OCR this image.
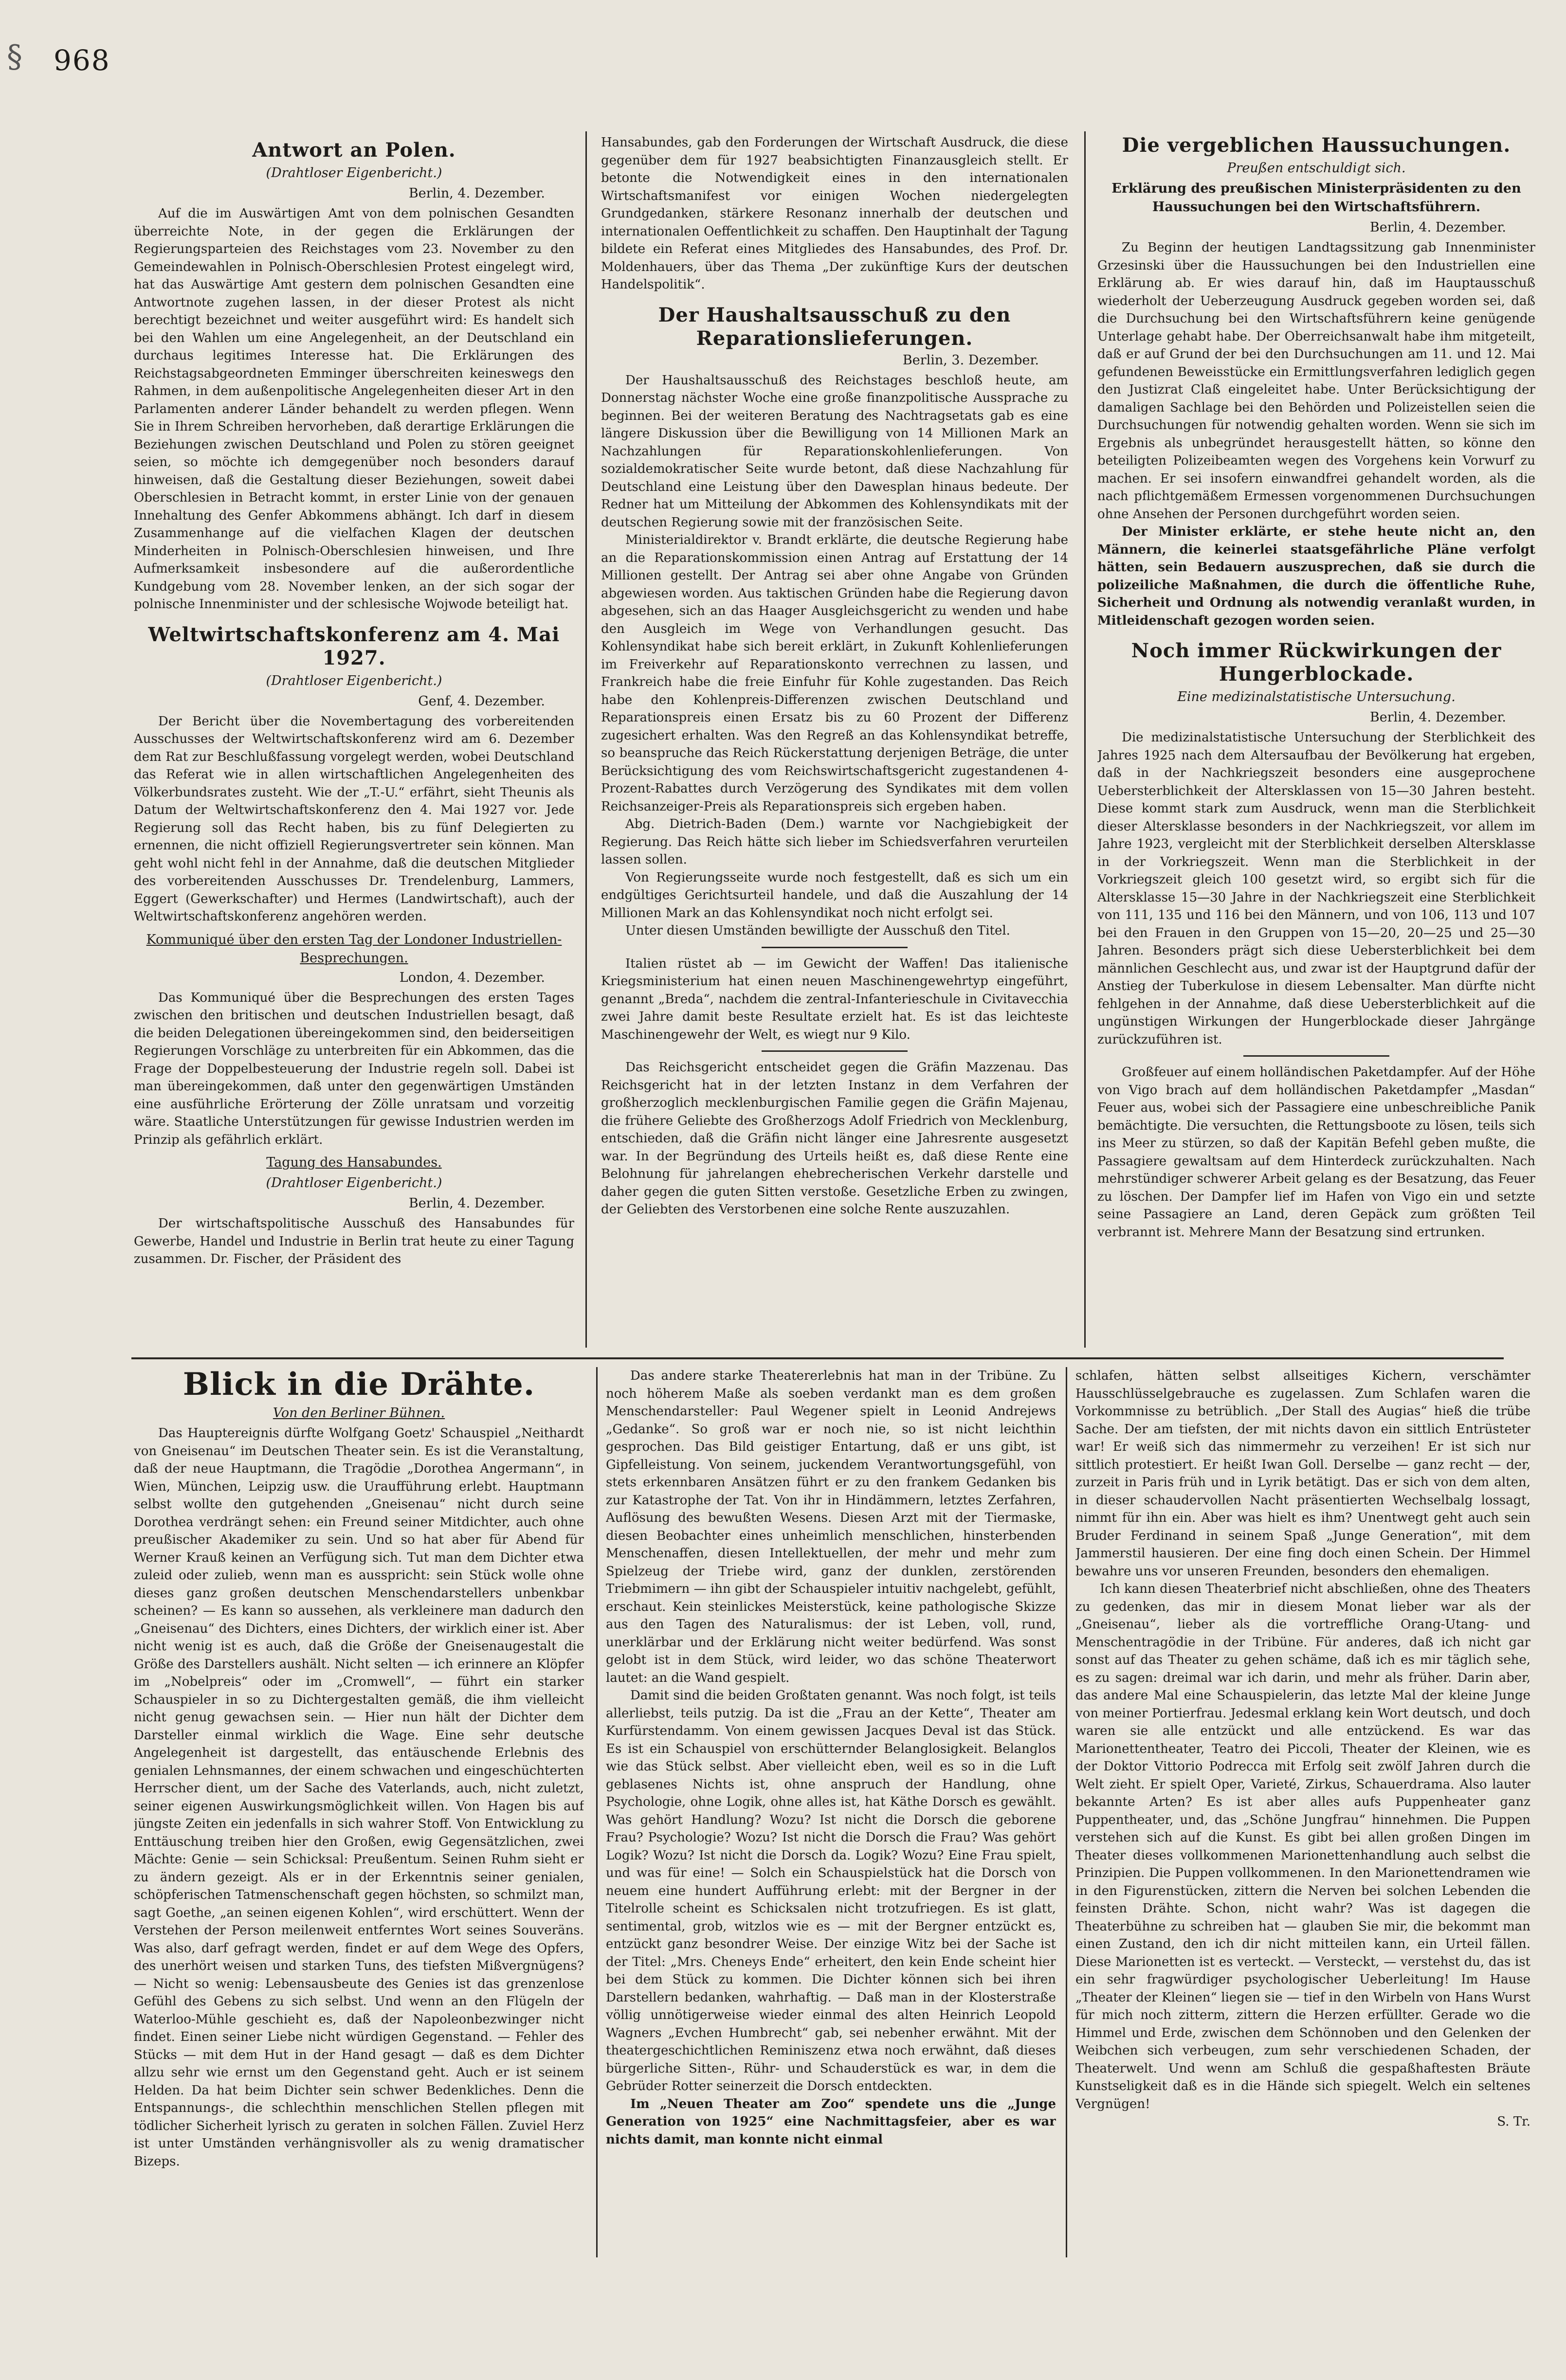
§ 968
Antwort an Polen.
(Drahtloser Eigenbericht.)
Berlin, 4. Dezember.

Auf die im Auswärtigen Amt von dem polnischen Gesandten überreichte Note, in der gegen die Erklärungen der Regierungsparteien des Reichstages vom 23. November zu den Gemeindewahlen in Polnisch-Oberschlesien Protest eingelegt wird, hat das Auswärtige Amt gestern dem polnischen Gesandten eine Antwortnote zugehen lassen, in der dieser Protest als nicht berechtigt bezeichnet und weiter ausgeführt wird: Es handelt sich bei den Wahlen um eine Angelegenheit, an der Deutschland ein durchaus legitimes Interesse hat. Die Erklärungen des Reichstagsabgeordneten Emminger überschreiten keineswegs den Rahmen, in dem außenpolitische Angelegenheiten dieser Art in den Parlamenten anderer Länder behandelt zu werden pflegen. Wenn Sie in Ihrem Schreiben hervorheben, daß derartige Erklärungen die Beziehungen zwischen Deutschland und Polen zu stören geeignet seien, so möchte ich demgegenüber noch besonders darauf hinweisen, daß die Gestaltung dieser Beziehungen, soweit dabei Oberschlesien in Betracht kommt, in erster Linie von der genauen Innehaltung des Genfer Abkommens abhängt. Ich darf in diesem Zusammenhange auf die vielfachen Klagen der deutschen Minderheiten in Polnisch-Oberschlesien hinweisen, und Ihre Aufmerksamkeit insbesondere auf die außerordentliche Kundgebung vom 28. November lenken, an der sich sogar der polnische Innenminister und der schlesische Wojwode beteiligt hat.

Weltwirtschaftskonferenz am 4. Mai 1927.
(Drahtloser Eigenbericht.)
Genf, 4. Dezember.

Der Bericht über die Novembertagung des vorbereitenden Ausschusses der Weltwirtschaftskonferenz wird am 6. Dezember dem Rat zur Beschlußfassung vorgelegt werden, wobei Deutschland das Referat wie in allen wirtschaftlichen Angelegenheiten des Völkerbundsrates zusteht. Wie der „T.-U.“ erfährt, sieht Theunis als Datum der Weltwirtschaftskonferenz den 4. Mai 1927 vor. Jede Regierung soll das Recht haben, bis zu fünf Delegierten zu ernennen, die nicht offiziell Regierungsvertreter sein können. Man geht wohl nicht fehl in der Annahme, daß die deutschen Mitglieder des vorbereitenden Ausschusses Dr. Trendelenburg, Lammers, Eggert (Gewerkschafter) und Hermes (Landwirtschaft), auch der Weltwirtschaftskonferenz angehören werden.

Kommuniqué über den ersten Tag der Londoner Industriellen-Besprechungen.
London, 4. Dezember.

Das Kommuniqué über die Besprechungen des ersten Tages zwischen den britischen und deutschen Industriellen besagt, daß die beiden Delegationen übereingekommen sind, den beiderseitigen Regierungen Vorschläge zu unterbreiten für ein Abkommen, das die Frage der Doppelbesteuerung der Industrie regeln soll. Dabei ist man übereingekommen, daß unter den gegenwärtigen Umständen eine ausführliche Erörterung der Zölle unratsam und vorzeitig wäre. Staatliche Unterstützungen für gewisse Industrien werden im Prinzip als gefährlich erklärt.

Tagung des Hansabundes.
(Drahtloser Eigenbericht.)
Berlin, 4. Dezember.

Der wirtschaftspolitische Ausschuß des Hansabundes für Gewerbe, Handel und Industrie in Berlin trat heute zu einer Tagung zusammen. Dr. Fischer, der Präsident des

Hansabundes, gab den Forderungen der Wirtschaft Ausdruck, die diese gegenüber dem für 1927 beabsichtigten Finanzausgleich stellt. Er betonte die Notwendigkeit eines in den internationalen Wirtschaftsmanifest vor einigen Wochen niedergelegten Grundgedanken, stärkere Resonanz innerhalb der deutschen und internationalen Oeffentlichkeit zu schaffen. Den Hauptinhalt der Tagung bildete ein Referat eines Mitgliedes des Hansabundes, des Prof. Dr. Moldenhauers, über das Thema „Der zukünftige Kurs der deutschen Handelspolitik“.

Der Haushaltsausschuß zu den Reparationslieferungen.
Berlin, 3. Dezember.

Der Haushaltsausschuß des Reichstages beschloß heute, am Donnerstag nächster Woche eine große finanzpolitische Aussprache zu beginnen. Bei der weiteren Beratung des Nachtragsetats gab es eine längere Diskussion über die Bewilligung von 14 Millionen Mark an Nachzahlungen für Reparationskohlenlieferungen. Von sozialdemokratischer Seite wurde betont, daß diese Nachzahlung für Deutschland eine Leistung über den Dawesplan hinaus bedeute. Der Redner hat um Mitteilung der Abkommen des Kohlensyndikats mit der deutschen Regierung sowie mit der französischen Seite.

Ministerialdirektor v. Brandt erklärte, die deutsche Regierung habe an die Reparationskommission einen Antrag auf Erstattung der 14 Millionen gestellt. Der Antrag sei aber ohne Angabe von Gründen abgewiesen worden. Aus taktischen Gründen habe die Regierung davon abgesehen, sich an das Haager Ausgleichsgericht zu wenden und habe den Ausgleich im Wege von Verhandlungen gesucht. Das Kohlensyndikat habe sich bereit erklärt, in Zukunft Kohlenlieferungen im Freiverkehr auf Reparationskonto verrechnen zu lassen, und Frankreich habe die freie Einfuhr für Kohle zugestanden. Das Reich habe den Kohlenpreis-Differenzen zwischen Deutschland und Reparationspreis einen Ersatz bis zu 60 Prozent der Differenz zugesichert erhalten. Was den Regreß an das Kohlensyndikat betreffe, so beanspruche das Reich Rückerstattung derjenigen Beträge, die unter Berücksichtigung des vom Reichswirtschaftsgericht zugestandenen 4-Prozent-Rabattes durch Verzögerung des Syndikates mit dem vollen Reichsanzeiger-Preis als Reparationspreis sich ergeben haben.

Abg. Dietrich-Baden (Dem.) warnte vor Nachgiebigkeit der Regierung. Das Reich hätte sich lieber im Schiedsverfahren verurteilen lassen sollen.

Von Regierungsseite wurde noch festgestellt, daß es sich um ein endgültiges Gerichtsurteil handele, und daß die Auszahlung der 14 Millionen Mark an das Kohlensyndikat noch nicht erfolgt sei.

Unter diesen Umständen bewilligte der Ausschuß den Titel.

Italien rüstet ab — im Gewicht der Waffen! Das italienische Kriegsministerium hat einen neuen Maschinengewehrtyp eingeführt, genannt „Breda“, nachdem die zentral-Infanterieschule in Civitavecchia zwei Jahre damit beste Resultate erzielt hat. Es ist das leichteste Maschinengewehr der Welt, es wiegt nur 9 Kilo.

Das Reichsgericht entscheidet gegen die Gräfin Mazzenau. Das Reichsgericht hat in der letzten Instanz in dem Verfahren der großherzoglich mecklenburgischen Familie gegen die Gräfin Majenau, die frühere Geliebte des Großherzogs Adolf Friedrich von Mecklenburg, entschieden, daß die Gräfin nicht länger eine Jahresrente ausgesetzt war. In der Begründung des Urteils heißt es, daß diese Rente eine Belohnung für jahrelangen ehebrecherischen Verkehr darstelle und daher gegen die guten Sitten verstoße. Gesetzliche Erben zu zwingen, der Geliebten des Verstorbenen eine solche Rente auszuzahlen.

Die vergeblichen Haussuchungen.
Preußen entschuldigt sich.
Erklärung des preußischen Ministerpräsidenten zu den Haussuchungen bei den Wirtschaftsführern.
Berlin, 4. Dezember.

Zu Beginn der heutigen Landtagssitzung gab Innenminister Grzesinski über die Haussuchungen bei den Industriellen eine Erklärung ab. Er wies darauf hin, daß im Hauptausschuß wiederholt der Ueberzeugung Ausdruck gegeben worden sei, daß die Durchsuchung bei den Wirtschaftsführern keine genügende Unterlage gehabt habe. Der Oberreichsanwalt habe ihm mitgeteilt, daß er auf Grund der bei den Durchsuchungen am 11. und 12. Mai gefundenen Beweisstücke ein Ermittlungsverfahren lediglich gegen den Justizrat Claß eingeleitet habe. Unter Berücksichtigung der damaligen Sachlage bei den Behörden und Polizeistellen seien die Durchsuchungen für notwendig gehalten worden. Wenn sie sich im Ergebnis als unbegründet herausgestellt hätten, so könne den beteiligten Polizeibeamten wegen des Vorgehens kein Vorwurf zu machen. Er sei insofern einwandfrei gehandelt worden, als die nach pflichtgemäßem Ermessen vorgenommenen Durchsuchungen ohne Ansehen der Personen durchgeführt worden seien.

Der Minister erklärte, er stehe heute nicht an, den Männern, die keinerlei staatsgefährliche Pläne verfolgt hätten, sein Bedauern auszusprechen, daß sie durch die polizeiliche Maßnahmen, die durch die öffentliche Ruhe, Sicherheit und Ordnung als notwendig veranlaßt wurden, in Mitleidenschaft gezogen worden seien.

Noch immer Rückwirkungen der Hungerblockade.
Eine medizinalstatistische Untersuchung.
Berlin, 4. Dezember.

Die medizinalstatistische Untersuchung der Sterblichkeit des Jahres 1925 nach dem Altersaufbau der Bevölkerung hat ergeben, daß in der Nachkriegszeit besonders eine ausgeprochene Uebersterblichkeit der Altersklassen von 15—30 Jahren besteht. Diese kommt stark zum Ausdruck, wenn man die Sterblichkeit dieser Altersklasse besonders in der Nachkriegszeit, vor allem im Jahre 1923, vergleicht mit der Sterblichkeit derselben Altersklasse in der Vorkriegszeit. Wenn man die Sterblichkeit in der Vorkriegszeit gleich 100 gesetzt wird, so ergibt sich für die Altersklasse 15—30 Jahre in der Nachkriegszeit eine Sterblichkeit von 111, 135 und 116 bei den Männern, und von 106, 113 und 107 bei den Frauen in den Gruppen von 15—20, 20—25 und 25—30 Jahren. Besonders prägt sich diese Uebersterblichkeit bei dem männlichen Geschlecht aus, und zwar ist der Hauptgrund dafür der Anstieg der Tuberkulose in diesem Lebensalter. Man dürfte nicht fehlgehen in der Annahme, daß diese Uebersterblichkeit auf die ungünstigen Wirkungen der Hungerblockade dieser Jahrgänge zurückzuführen ist.

Großfeuer auf einem holländischen Paketdampfer. Auf der Höhe von Vigo brach auf dem holländischen Paketdampfer „Masdan“ Feuer aus, wobei sich der Passagiere eine unbeschreibliche Panik bemächtigte. Die versuchten, die Rettungsboote zu lösen, teils sich ins Meer zu stürzen, so daß der Kapitän Befehl geben mußte, die Passagiere gewaltsam auf dem Hinterdeck zurückzuhalten. Nach mehrstündiger schwerer Arbeit gelang es der Besatzung, das Feuer zu löschen. Der Dampfer lief im Hafen von Vigo ein und setzte seine Passagiere an Land, deren Gepäck zum größten Teil verbrannt ist. Mehrere Mann der Besatzung sind ertrunken.

Blick in die Drähte.
Von den Berliner Bühnen.

Das Hauptereignis dürfte Wolfgang Goetz' Schauspiel „Neithardt von Gneisenau“ im Deutschen Theater sein. Es ist die Veranstaltung, daß der neue Hauptmann, die Tragödie „Dorothea Angermann“, in Wien, München, Leipzig usw. die Uraufführung erlebt. Hauptmann selbst wollte den gutgehenden „Gneisenau“ nicht durch seine Dorothea verdrängt sehen: ein Freund seiner Mitdichter, auch ohne preußischer Akademiker zu sein. Und so hat aber für Abend für Werner Krauß keinen an Verfügung sich. Tut man dem Dichter etwa zuleid oder zulieb, wenn man es ausspricht: sein Stück wolle ohne dieses ganz großen deutschen Menschendarstellers unbenkbar scheinen? — Es kann so aussehen, als verkleinere man dadurch den „Gneisenau“ des Dichters, eines Dichters, der wirklich einer ist. Aber nicht wenig ist es auch, daß die Größe der Gneisenaugestalt die Größe des Darstellers aushält. Nicht selten — ich erinnere an Klöpfer im „Nobelpreis“ oder im „Cromwell“, — führt ein starker Schauspieler in so zu Dichtergestalten gemäß, die ihm vielleicht nicht genug gewachsen sein. — Hier nun hält der Dichter dem Darsteller einmal wirklich die Wage. Eine sehr deutsche Angelegenheit ist dargestellt, das entäuschende Erlebnis des genialen Lehnsmannes, der einem schwachen und eingeschüchterten Herrscher dient, um der Sache des Vaterlands, auch, nicht zuletzt, seiner eigenen Auswirkungsmöglichkeit willen. Von Hagen bis auf jüngste Zeiten ein jedenfalls in sich wahrer Stoff. Von Entwicklung zu Enttäuschung treiben hier den Großen, ewig Gegensätzlichen, zwei Mächte: Genie — sein Schicksal: Preußentum. Seinen Ruhm sieht er zu ändern gezeigt. Als er in der Erkenntnis seiner genialen, schöpferischen Tatmenschenschaft gegen höchsten, so schmilzt man, sagt Goethe, „an seinen eigenen Kohlen“, wird erschüttert. Wenn der Verstehen der Person meilenweit entferntes Wort seines Souveräns. Was also, darf gefragt werden, findet er auf dem Wege des Opfers, des unerhört weisen und starken Tuns, des tiefsten Mißvergnügens? — Nicht so wenig: Lebensausbeute des Genies ist das grenzenlose Gefühl des Gebens zu sich selbst. Und wenn an den Flügeln der Waterloo-Mühle geschieht es, daß der Napoleonbezwinger nicht findet. Einen seiner Liebe nicht würdigen Gegenstand. — Fehler des Stücks — mit dem Hut in der Hand gesagt — daß es dem Dichter allzu sehr wie ernst um den Gegenstand geht. Auch er ist seinem Helden. Da hat beim Dichter sein schwer Bedenkliches. Denn die Entspannungs-, die schlechthin menschlichen Stellen pflegen mit tödlicher Sicherheit lyrisch zu geraten in solchen Fällen. Zuviel Herz ist unter Umständen verhängnisvoller als zu wenig dramatischer Bizeps.

Das andere starke Theatererlebnis hat man in der Tribüne. Zu noch höherem Maße als soeben verdankt man es dem großen Menschendarsteller: Paul Wegener spielt in Leonid Andrejews „Gedanke“. So groß war er noch nie, so ist nicht leichthin gesprochen. Das Bild geistiger Entartung, daß er uns gibt, ist Gipfelleistung. Von seinem, juckendem Verantwortungsgefühl, von stets erkennbaren Ansätzen führt er zu den frankem Gedanken bis zur Katastrophe der Tat. Von ihr in Hindämmern, letztes Zerfahren, Auflösung des bewußten Wesens. Diesen Arzt mit der Tiermaske, diesen Beobachter eines unheimlich menschlichen, hinsterbenden Menschenaffen, diesen Intellektuellen, der mehr und mehr zum Spielzeug der Triebe wird, ganz der dunklen, zerstörenden Triebmimern — ihn gibt der Schauspieler intuitiv nachgelebt, gefühlt, erschaut. Kein steinlickes Meisterstück, keine pathologische Skizze aus den Tagen des Naturalismus: der ist Leben, voll, rund, unerklärbar und der Erklärung nicht weiter bedürfend. Was sonst gelobt ist in dem Stück, wird leider, wo das schöne Theaterwort lautet: an die Wand gespielt.

Damit sind die beiden Großtaten genannt. Was noch folgt, ist teils allerliebst, teils putzig. Da ist die „Frau an der Kette“, Theater am Kurfürstendamm. Von einem gewissen Jacques Deval ist das Stück. Es ist ein Schauspiel von erschütternder Belanglosigkeit. Belanglos wie das Stück selbst. Aber vielleicht eben, weil es so in die Luft geblasenes Nichts ist, ohne anspruch der Handlung, ohne Psychologie, ohne Logik, ohne alles ist, hat Käthe Dorsch es gewählt. Was gehört Handlung? Wozu? Ist nicht die Dorsch die geborene Frau? Psychologie? Wozu? Ist nicht die Dorsch die Frau? Was gehört Logik? Wozu? Ist nicht die Dorsch da. Logik? Wozu? Eine Frau spielt, und was für eine! — Solch ein Schauspielstück hat die Dorsch von neuem eine hundert Aufführung erlebt: mit der Bergner in der Titelrolle scheint es Schicksalen nicht trotzufriegen. Es ist glatt, sentimental, grob, witzlos wie es — mit der Bergner entzückt es, entzückt ganz besondrer Weise. Der einzige Witz bei der Sache ist der Titel: „Mrs. Cheneys Ende“ erheitert, den kein Ende scheint hier bei dem Stück zu kommen. Die Dichter können sich bei ihren Darstellern bedanken, wahrhaftig. — Daß man in der Klosterstraße völlig unnötigerweise wieder einmal des alten Heinrich Leopold Wagners „Evchen Humbrecht“ gab, sei nebenher erwähnt. Mit der theatergeschichtlichen Reminiszenz etwa noch erwähnt, daß dieses bürgerliche Sitten-, Rühr- und Schauderstück es war, in dem die Gebrüder Rotter seinerzeit die Dorsch entdeckten.

Im „Neuen Theater am Zoo“ spendete uns die „Junge Generation von 1925“ eine Nachmittagsfeier, aber es war nichts damit, man konnte nicht einmal

schlafen, hätten selbst allseitiges Kichern, verschämter Hausschlüsselgebrauche es zugelassen. Zum Schlafen waren die Vorkommnisse zu betrüblich. „Der Stall des Augias“ hieß die trübe Sache. Der am tiefsten, der mit nichts davon ein sittlich Entrüsteter war! Er weiß sich das nimmermehr zu verzeihen! Er ist sich nur sittlich protestiert. Er heißt Iwan Goll. Derselbe — ganz recht — der, zurzeit in Paris früh und in Lyrik betätigt. Das er sich von dem alten, in dieser schaudervollen Nacht präsentierten Wechselbalg lossagt, nimmt für ihn ein. Aber was hielt es ihm? Unentwegt geht auch sein Bruder Ferdinand in seinem Spaß „Junge Generation“, mit dem Jammerstil hausieren. Der eine fing doch einen Schein. Der Himmel bewahre uns vor unseren Freunden, besonders den ehemaligen.

Ich kann diesen Theaterbrief nicht abschließen, ohne des Theaters zu gedenken, das mir in diesem Monat lieber war als der „Gneisenau“, lieber als die vortreffliche Orang-Utang- und Menschentragödie in der Tribüne. Für anderes, daß ich nicht gar sonst auf das Theater zu gehen schäme, daß ich es mir täglich sehe, es zu sagen: dreimal war ich darin, und mehr als früher. Darin aber, das andere Mal eine Schauspielerin, das letzte Mal der kleine Junge von meiner Portierfrau. Jedesmal erklang kein Wort deutsch, und doch waren sie alle entzückt und alle entzückend. Es war das Marionettentheater, Teatro dei Piccoli, Theater der Kleinen, wie es der Doktor Vittorio Podrecca mit Erfolg seit zwölf Jahren durch die Welt zieht. Er spielt Oper, Varieté, Zirkus, Schauerdrama. Also lauter bekannte Arten? Es ist aber alles aufs Puppenheater ganz Puppentheater, und, das „Schöne Jungfrau“ hinnehmen. Die Puppen verstehen sich auf die Kunst. Es gibt bei allen großen Dingen im Theater dieses vollkommenen Marionettenhandlung auch selbst die Prinzipien. Die Puppen vollkommenen. In den Marionettendramen wie in den Figurenstücken, zittern die Nerven bei solchen Lebenden die feinsten Drähte. Schon, nicht wahr? Was ist dagegen die Theaterbühne zu schreiben hat — glauben Sie mir, die bekommt man einen Zustand, den ich dir nicht mitteilen kann, ein Urteil fällen. Diese Marionetten ist es verteckt. — Versteckt, — verstehst du, das ist ein sehr fragwürdiger psychologischer Ueberleitung! Im Hause „Theater der Kleinen“ liegen sie — tief in den Wirbeln von Hans Wurst für mich noch zitterm, zittern die Herzen erfüllter. Gerade wo die Himmel und Erde, zwischen dem Schönnoben und den Gelenken der Weibchen sich verbeugen, zum sehr verschiedenen Schaden, der Theaterwelt. Und wenn am Schluß die gespaßhaftesten Bräute Kunstseligkeit daß es in die Hände sich spiegelt. Welch ein seltenes Vergnügen!

S. Tr.
